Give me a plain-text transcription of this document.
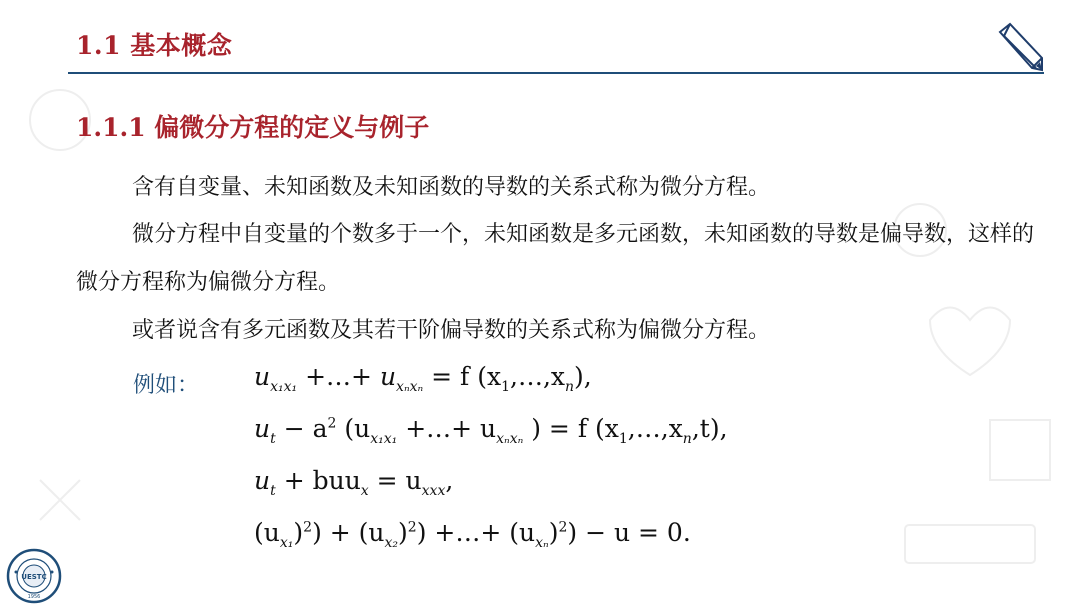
1.1 基本概念
1.1.1 偏微分方程的定义与例子
含有自变量、未知函数及未知函数的导数的关系式称为微分方程。
微分方程中自变量的个数多于一个，未知函数是多元函数，未知函数的导数是偏导数，这样的微分方程称为偏微分方程。
或者说含有多元函数及其若干阶偏导数的关系式称为偏微分方程。
例如： $u_{x_1x_1}$ +…+ $u_{x_nx_n} = f$ $(x_1,\dots,x_n)$,
$u_t - a^2$ ($u_{x_1x_1}$ +…+ $u_{x_nx_n}$ ) = f $(x_1,\dots,x_n,t)$,
$u_t + buu_x = u_{xxx}$,
$(u_{x_1})^2) + (u_{x_2})^2$) +…+ $(u_{x_n})^2) - u = 0$.
UESTC
1956
